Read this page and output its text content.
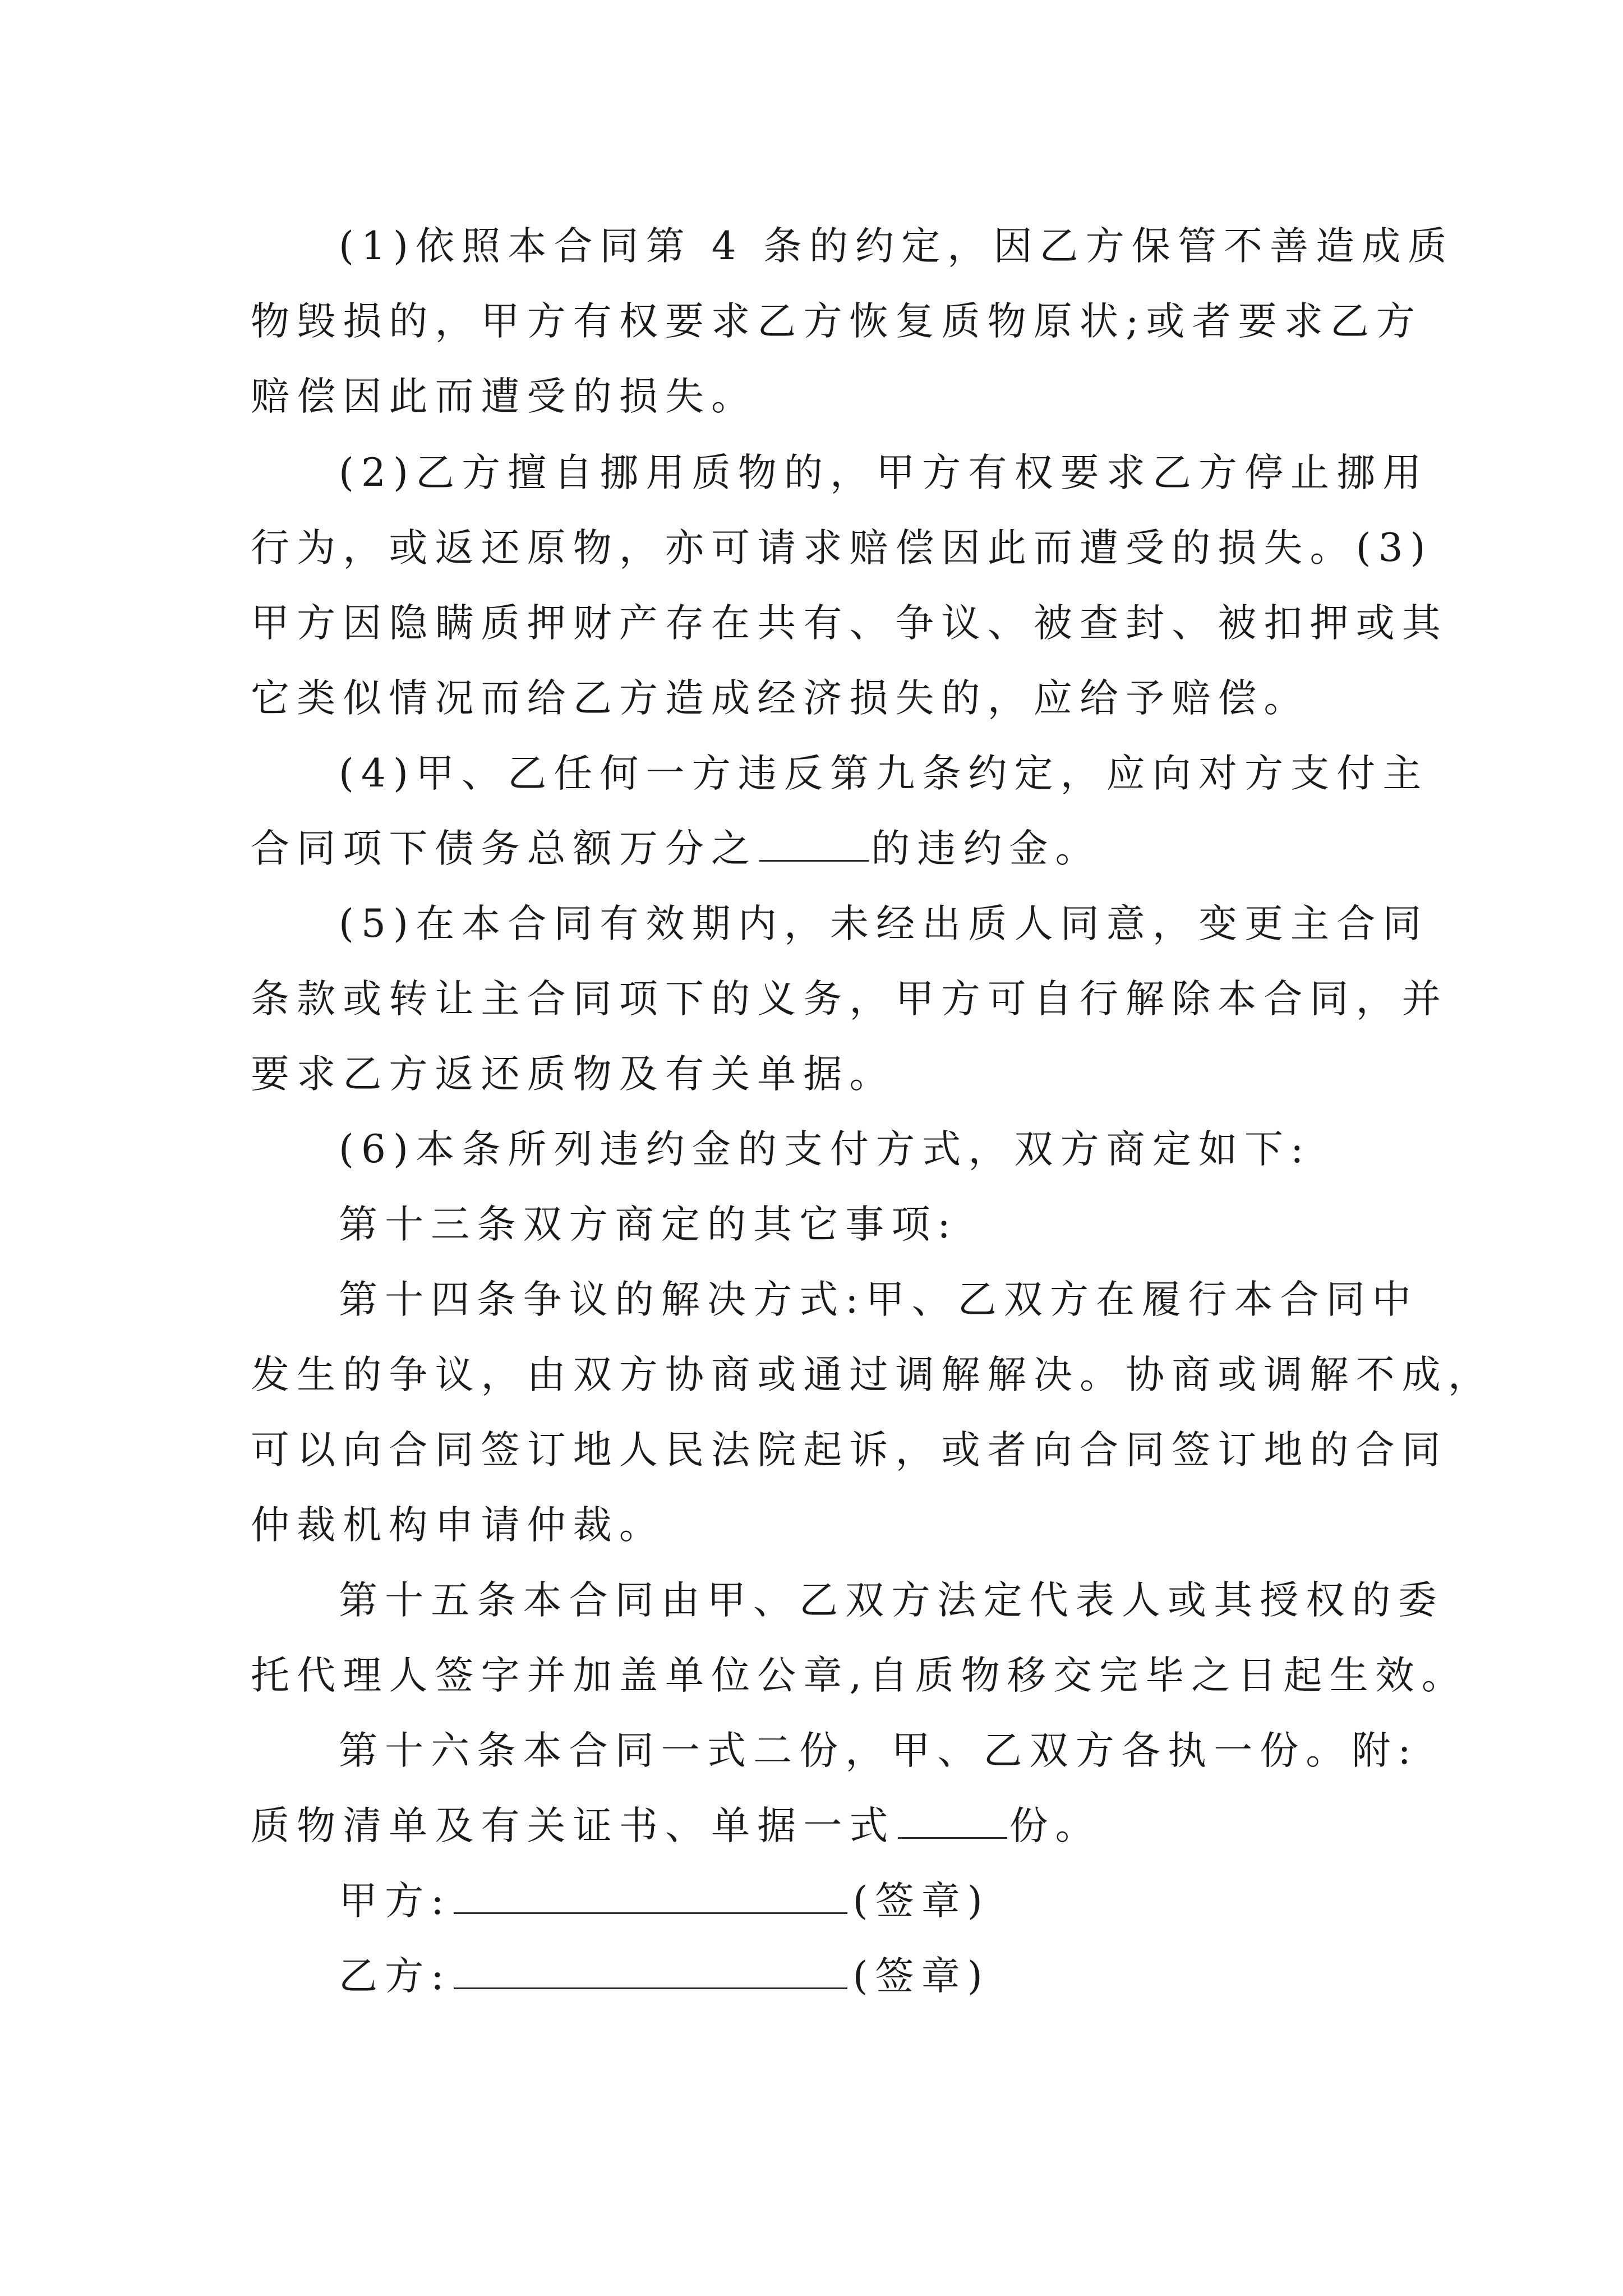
(1)依照本合同第 4 条的约定，因乙方保管不善造成质

物毁损的，甲方有权要求乙方恢复质物原状;或者要求乙方

赔偿因此而遭受的损失。

(2)乙方擅自挪用质物的，甲方有权要求乙方停止挪用

行为，或返还原物，亦可请求赔偿因此而遭受的损失。(3)

甲方因隐瞒质押财产存在共有、争议、被查封、被扣押或其

它类似情况而给乙方造成经济损失的，应给予赔偿。

(4)甲、乙任何一方违反第九条约定，应向对方支付主

合同项下债务总额万分之	的违约金。

(5)在本合同有效期内，未经出质人同意，变更主合同

条款或转让主合同项下的义务，甲方可自行解除本合同，并

要求乙方返还质物及有关单据。

(6)本条所列违约金的支付方式，双方商定如下:

第十三条双方商定的其它事项:

第十四条争议的解决方式:甲、乙双方在履行本合同中

发生的争议，由双方协商或通过调解解决。协商或调解不成，

可以向合同签订地人民法院起诉，或者向合同签订地的合同

仲裁机构申请仲裁。

第十五条本合同由甲、乙双方法定代表人或其授权的委

托代理人签字并加盖单位公章,自质物移交完毕之日起生效。

第十六条本合同一式二份，甲、乙双方各执一份。附:

质物清单及有关证书、单据一式	份。
甲方:	(签章)
乙方:	(签章)
